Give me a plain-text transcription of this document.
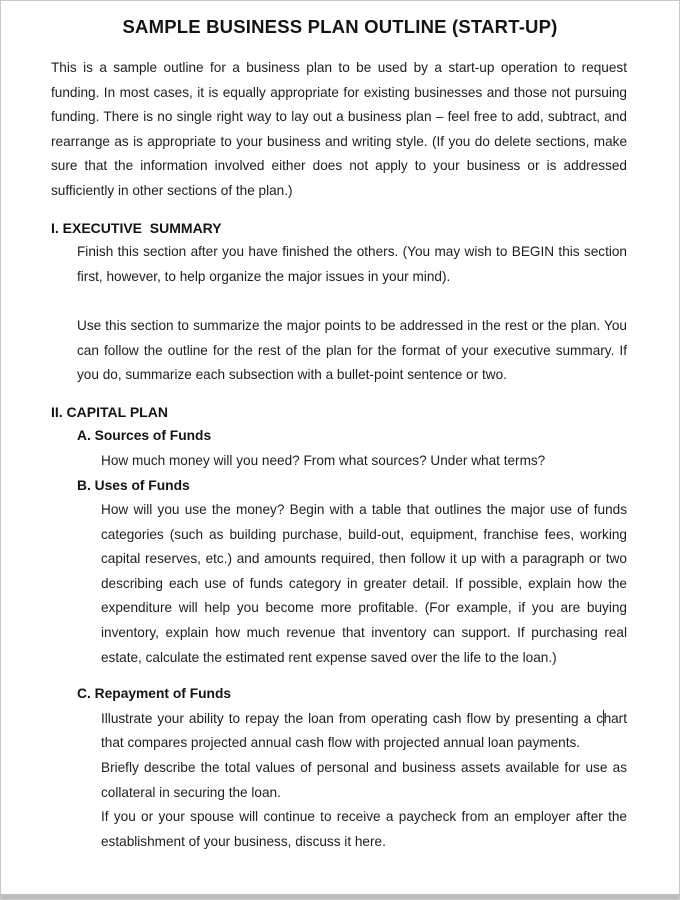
SAMPLE BUSINESS PLAN OUTLINE (START-UP)

This is a sample outline for a business plan to be used by a start-up operation to request funding. In most cases, it is equally appropriate for existing businesses and those not pursuing funding. There is no single right way to lay out a business plan – feel free to add, subtract, and rearrange as is appropriate to your business and writing style. (If you do delete sections, make sure that the information involved either does not apply to your business or is addressed sufficiently in other sections of the plan.)

I. EXECUTIVE  SUMMARY

Finish this section after you have finished the others. (You may wish to BEGIN this section first, however, to help organize the major issues in your mind).

Use this section to summarize the major points to be addressed in the rest or the plan. You can follow the outline for the rest of the plan for the format of your executive summary. If you do, summarize each subsection with a bullet-point sentence or two.

II. CAPITAL PLAN
A. Sources of Funds

How much money will you need? From what sources? Under what terms?

B. Uses of Funds

How will you use the money? Begin with a table that outlines the major use of funds categories (such as building purchase, build-out, equipment, franchise fees, working capital reserves, etc.) and amounts required, then follow it up with a paragraph or two describing each use of funds category in greater detail. If possible, explain how the expenditure will help you become more profitable. (For example, if you are buying inventory, explain how much revenue that inventory can support. If purchasing real estate, calculate the estimated rent expense saved over the life to the loan.)

C. Repayment of Funds

Illustrate your ability to repay the loan from operating cash flow by presenting a chart that compares projected annual cash flow with projected annual loan payments.

Briefly describe the total values of personal and business assets available for use as collateral in securing the loan.

If you or your spouse will continue to receive a paycheck from an employer after the establishment of your business, discuss it here.
